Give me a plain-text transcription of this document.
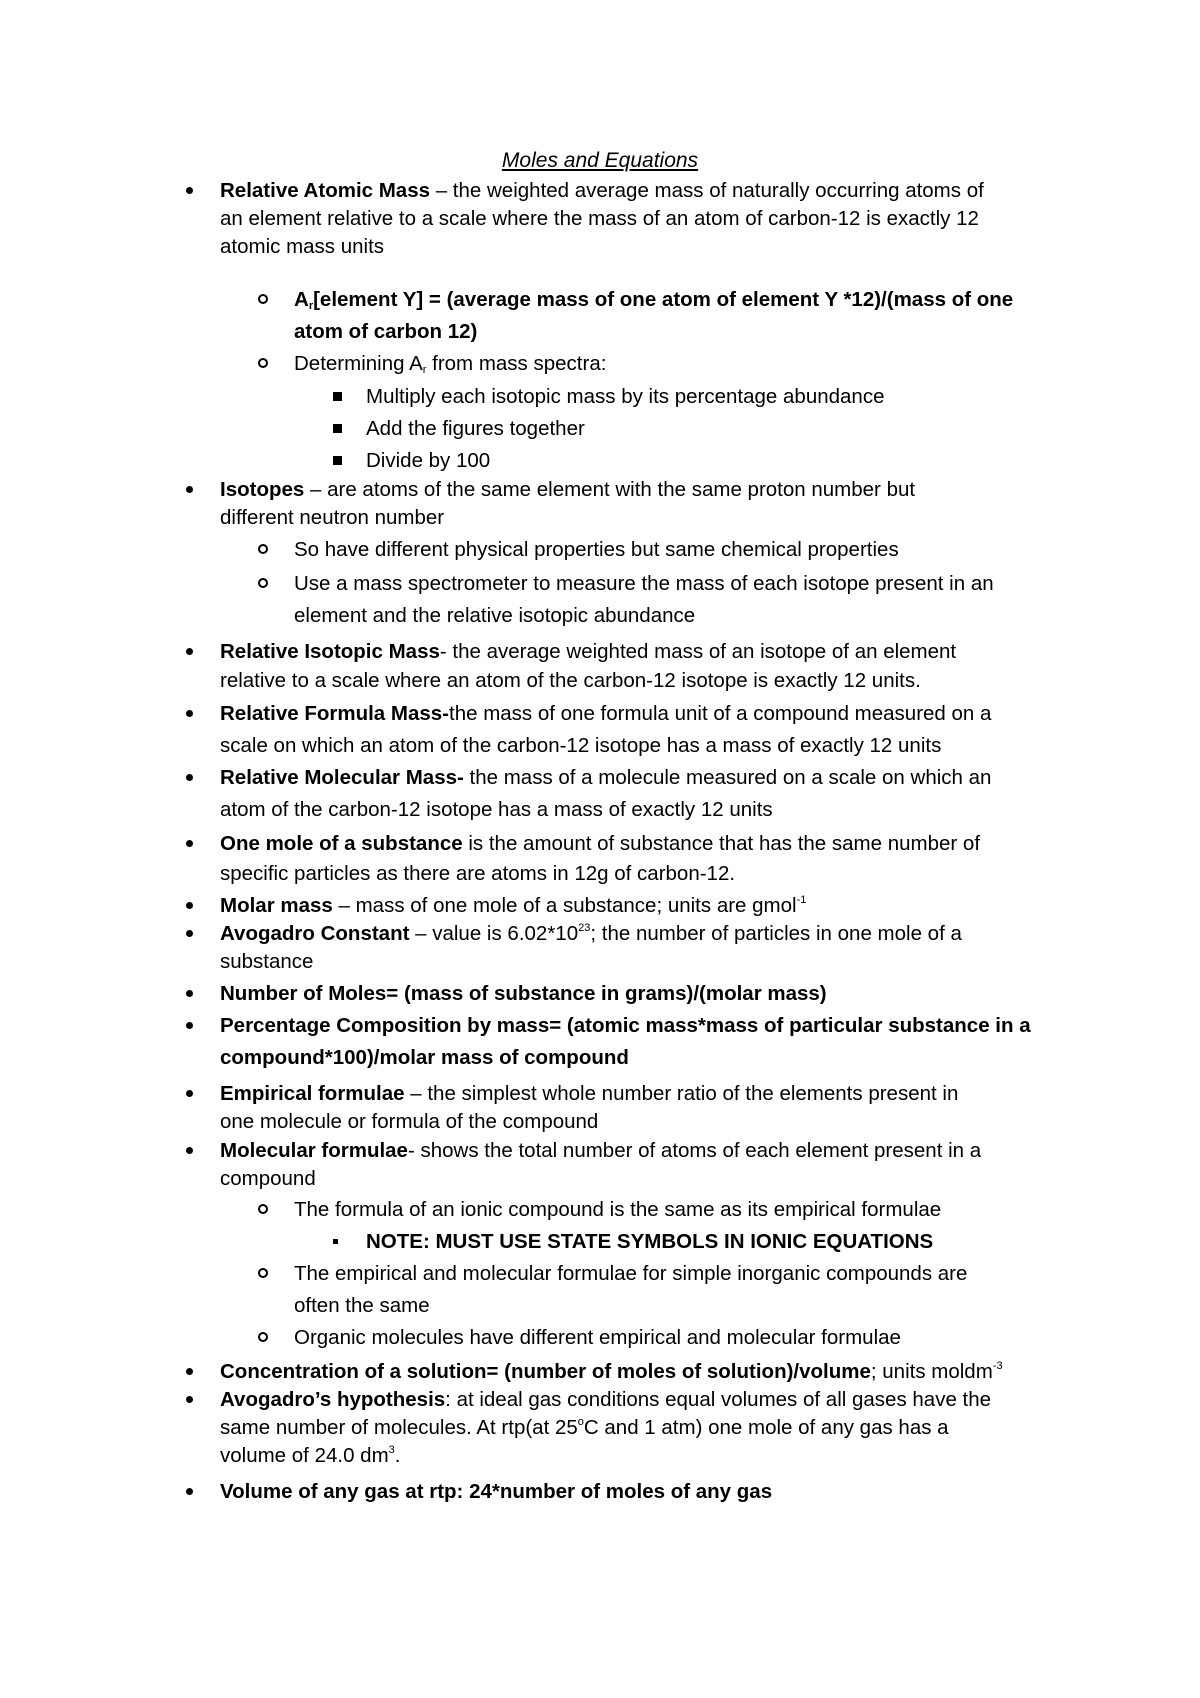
Moles and Equations
Relative Atomic Mass – the weighted average mass of naturally occurring atoms of
an element relative to a scale where the mass of an atom of carbon-12 is exactly 12
atomic mass units
$A_r[element$ Y] = (average mass of one atom of element Y *12)/(mass of one
atom of carbon 12)
Determining $A_r$ from mass spectra:
Multiply each isotopic mass by its percentage abundance
Add the figures together
Divide by 100
Isotopes – are atoms of the same element with the same proton number but
different neutron number
So have different physical properties but same chemical properties
Use a mass spectrometer to measure the mass of each isotope present in an
element and the relative isotopic abundance
Relative Isotopic Mass- the average weighted mass of an isotope of an element
relative to a scale where an atom of the carbon-12 isotope is exactly 12 units.
Relative Formula Mass-the mass of one formula unit of a compound measured on a
scale on which an atom of the carbon-12 isotope has a mass of exactly 12 units
Relative Molecular Mass- the mass of a molecule measured on a scale on which an
atom of the carbon-12 isotope has a mass of exactly 12 units
One mole of a substance is the amount of substance that has the same number of
specific particles as there are atoms in 12g of carbon-12.
Molar mass – mass of one mole of a substance; units are gmol$^{-1}$
Avogadro Constant – value is $6.02*10^{23}$; the number of particles in one mole of a
substance
Number of Moles= (mass of substance in grams)/(molar mass)
Percentage Composition by mass= (atomic mass*mass of particular substance in a
compound*100)/molar mass of compound
Empirical formulae – the simplest whole number ratio of the elements present in
one molecule or formula of the compound
Molecular formulae- shows the total number of atoms of each element present in a
compound
The formula of an ionic compound is the same as its empirical formulae
NOTE: MUST USE STATE SYMBOLS IN IONIC EQUATIONS
The empirical and molecular formulae for simple inorganic compounds are
often the same
Organic molecules have different empirical and molecular formulae
Concentration of a solution= (number of moles of solution)/volume; units moldm$^{-3}$
Avogadro’s hypothesis: at ideal gas conditions equal volumes of all gases have the
same number of molecules. At rtp(at 25$^o$C and 1 atm) one mole of any gas has a
volume of 24.0 $dm^3$.
Volume of any gas at rtp: 24*number of moles of any gas
